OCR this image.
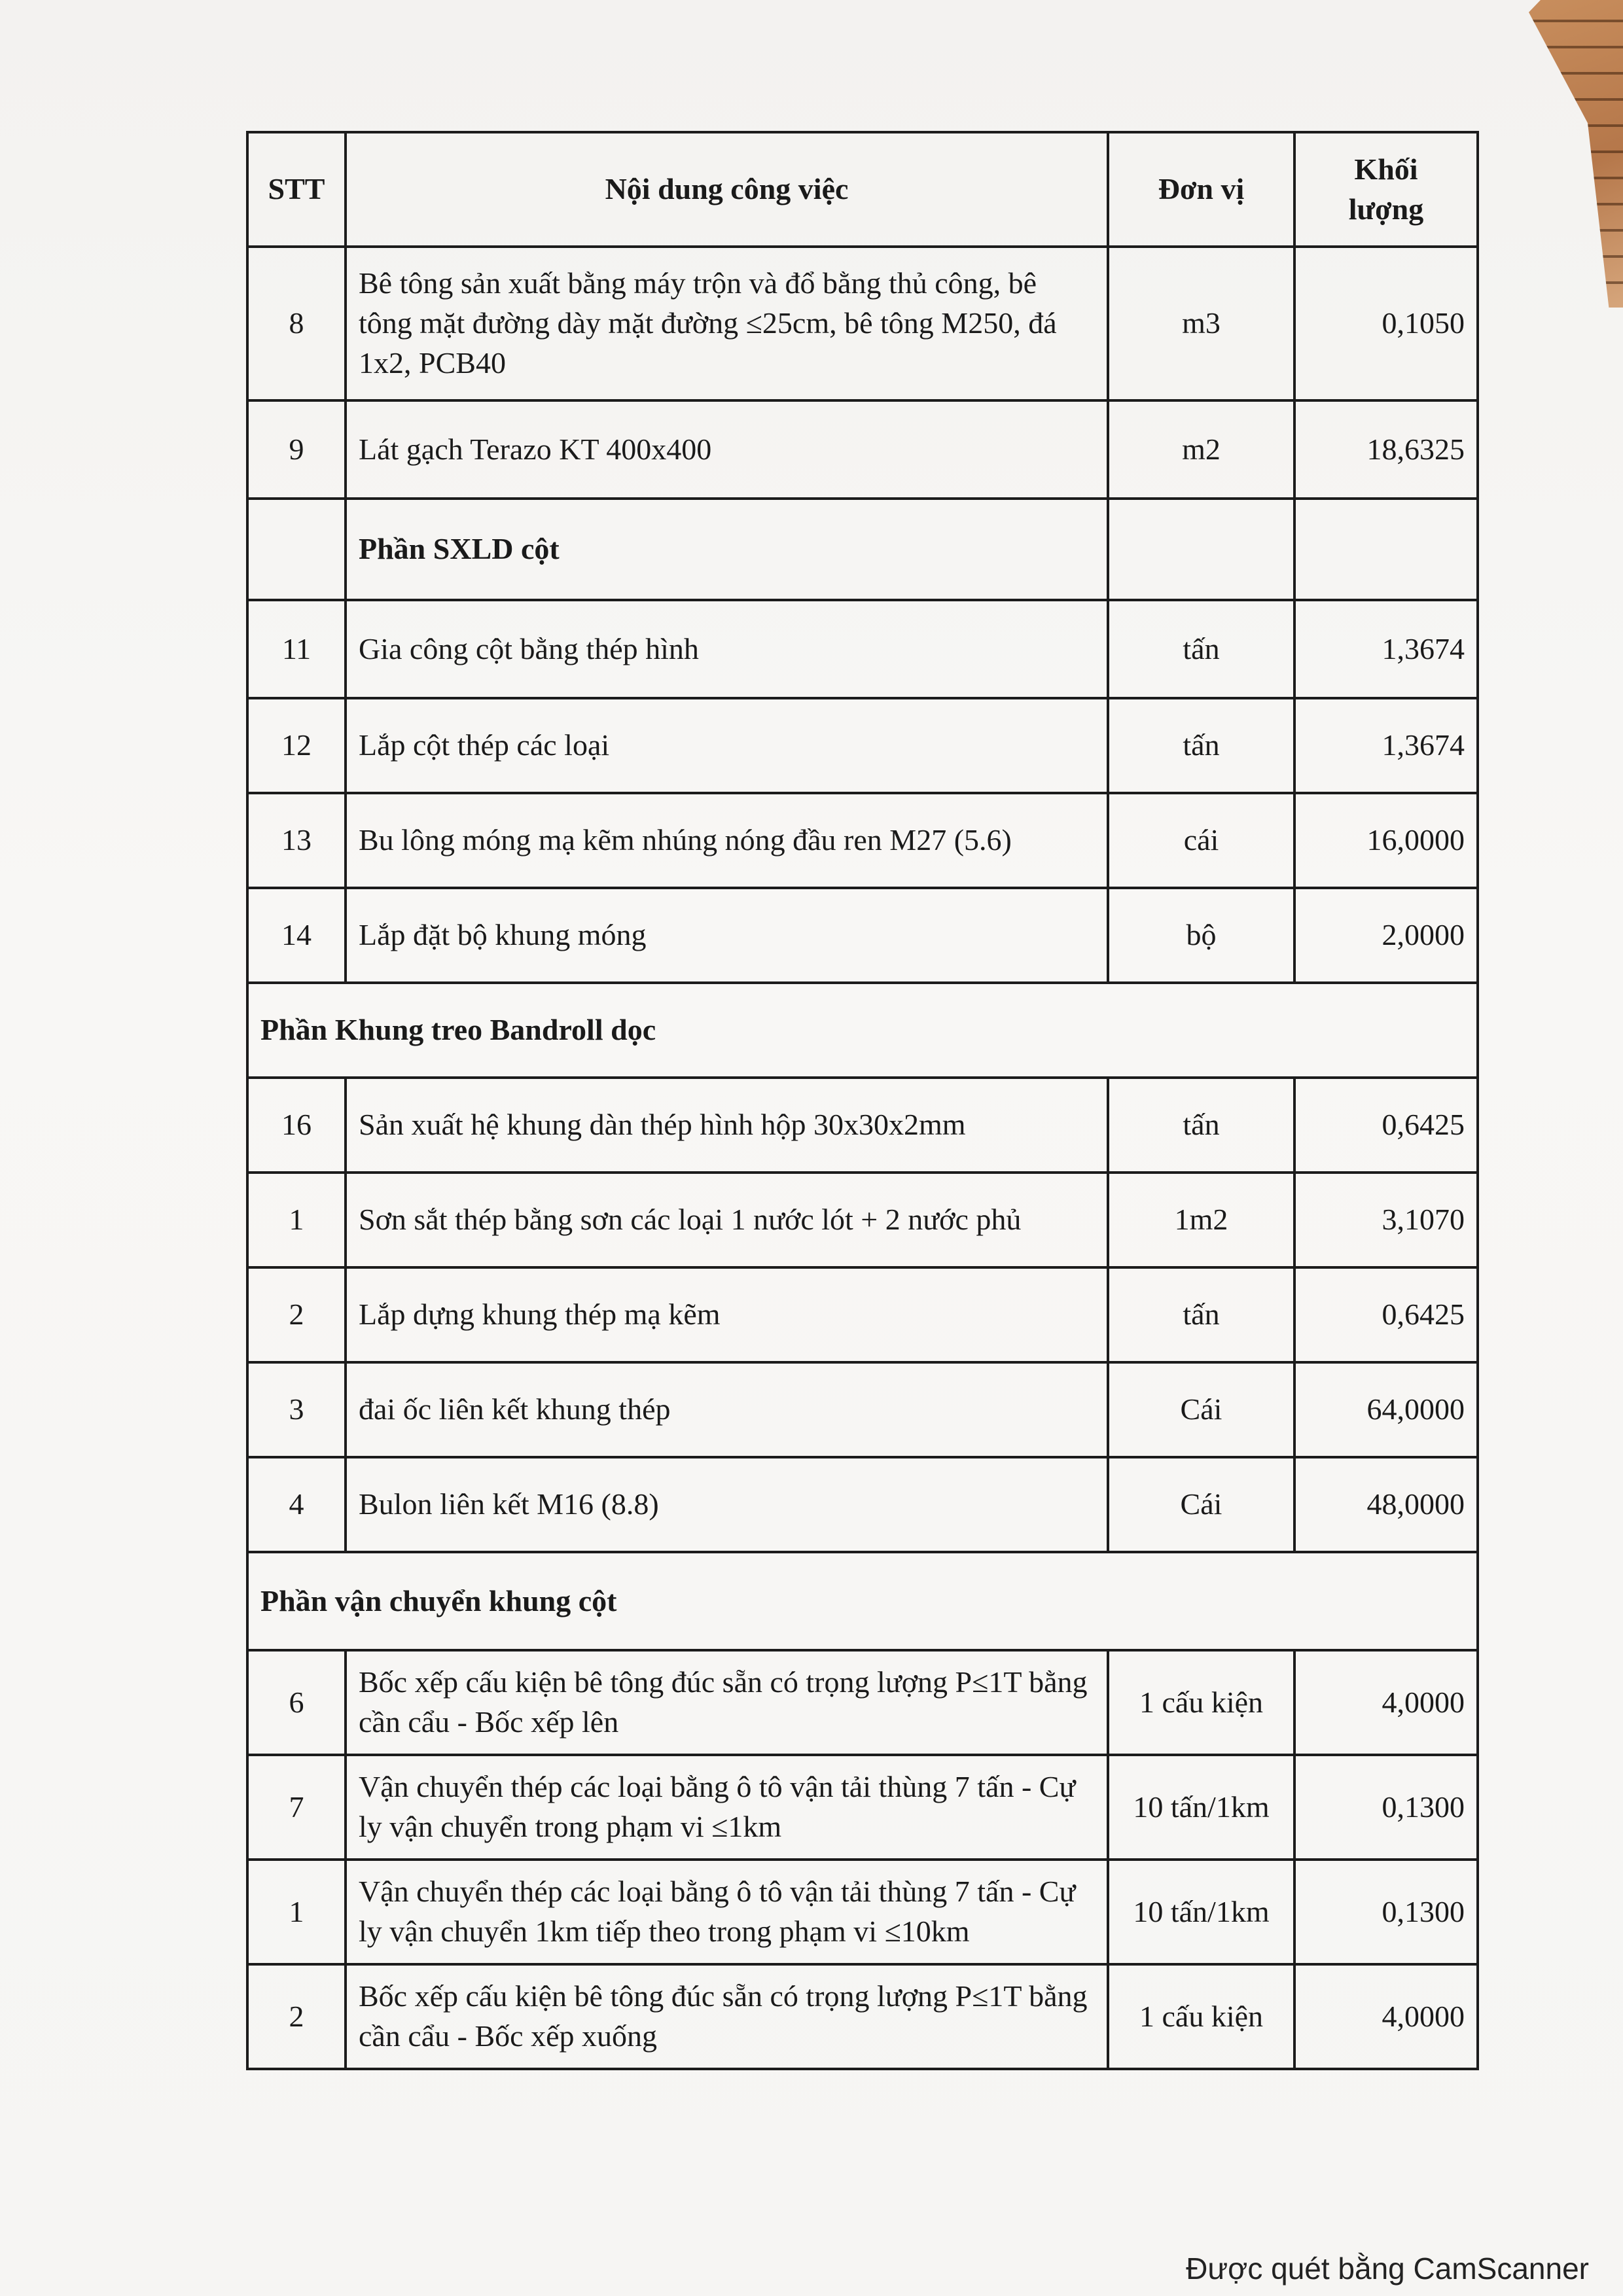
STT	Nội dung công việc	Đơn vị	Khối
lượng
8	Bê tông sản xuất bằng máy trộn và đổ bằng thủ công, bê tông mặt đường dày mặt đường ≤25cm, bê tông M250, đá 1x2, PCB40	m3	0,1050
9	Lát gạch Terazo KT 400x400	m2	18,6325
	Phần SXLD cột		
11	Gia công cột bằng thép hình	tấn	1,3674
12	Lắp cột thép các loại	tấn	1,3674
13	Bu lông móng mạ kẽm nhúng nóng đầu ren M27 (5.6)	cái	16,0000
14	Lắp đặt bộ khung móng	bộ	2,0000
Phần Khung treo Bandroll dọc			
16	Sản xuất hệ khung dàn thép hình hộp 30x30x2mm	tấn	0,6425
1	Sơn sắt thép bằng sơn các loại 1 nước lót + 2 nước phủ	1m2	3,1070
2	Lắp dựng khung thép mạ kẽm	tấn	0,6425
3	đai ốc liên kết khung thép	Cái	64,0000
4	Bulon liên kết M16 (8.8)	Cái	48,0000
Phần vận chuyển khung cột			
6	Bốc xếp cấu kiện bê tông đúc sẵn có trọng lượng P≤1T bằng cần cẩu - Bốc xếp lên	1 cấu kiện	4,0000
7	Vận chuyển thép các loại bằng ô tô vận tải thùng 7 tấn - Cự ly vận chuyển trong phạm vi ≤1km	10 tấn/1km	0,1300
1	Vận chuyển thép các loại bằng ô tô vận tải thùng 7 tấn - Cự ly vận chuyển 1km tiếp theo trong phạm vi ≤10km	10 tấn/1km	0,1300
2	Bốc xếp cấu kiện bê tông đúc sẵn có trọng lượng P≤1T bằng cần cẩu - Bốc xếp xuống	1 cấu kiện	4,0000
Được quét bằng CamScanner
